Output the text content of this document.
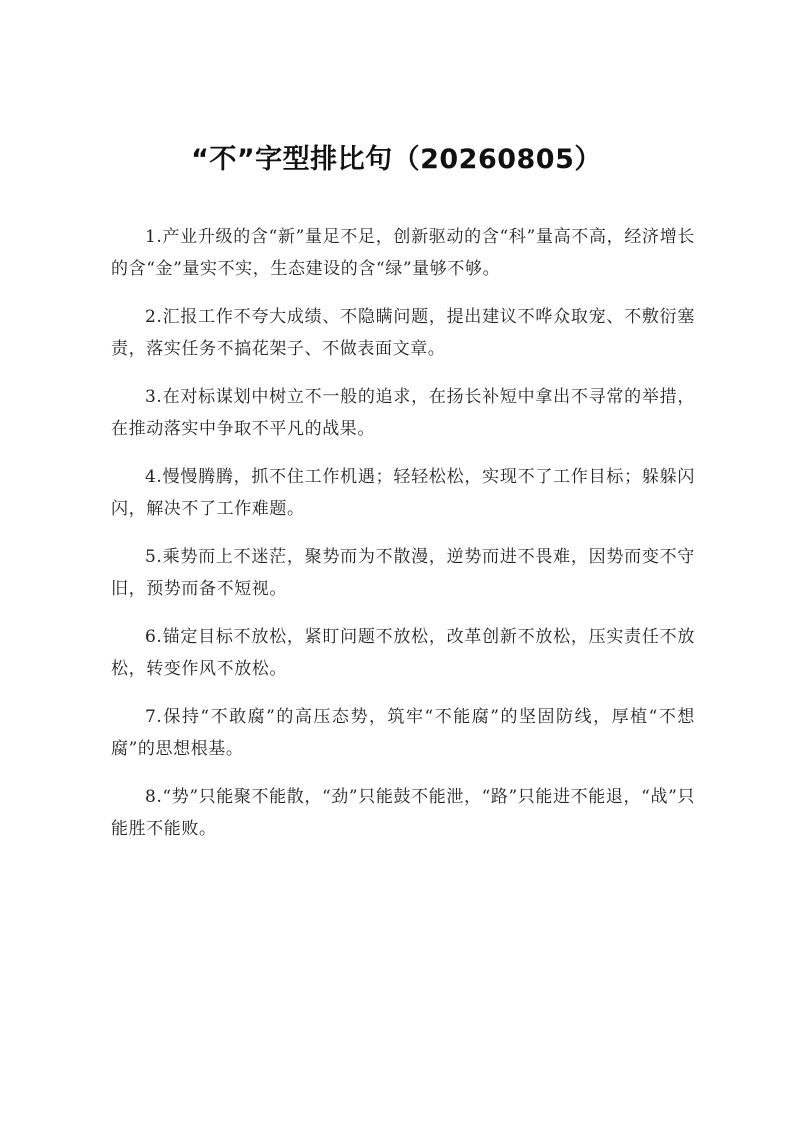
“不”字型排比句（20260805）

1.产业升级的含“新”量足不足，创新驱动的含“科”量高不高，经济增长的含“金”量实不实，生态建设的含“绿”量够不够。

2.汇报工作不夸大成绩、不隐瞒问题，提出建议不哗众取宠、不敷衍塞责，落实任务不搞花架子、不做表面文章。

3.在对标谋划中树立不一般的追求，在扬长补短中拿出不寻常的举措，在推动落实中争取不平凡的战果。

4.慢慢腾腾，抓不住工作机遇；轻轻松松，实现不了工作目标；躲躲闪闪，解决不了工作难题。

5.乘势而上不迷茫，聚势而为不散漫，逆势而进不畏难，因势而变不守旧，预势而备不短视。

6.锚定目标不放松，紧盯问题不放松，改革创新不放松，压实责任不放松，转变作风不放松。

7.保持“不敢腐”的高压态势，筑牢“不能腐”的坚固防线，厚植“不想腐”的思想根基。

8.“势”只能聚不能散，“劲”只能鼓不能泄，“路”只能进不能退，“战”只能胜不能败。
